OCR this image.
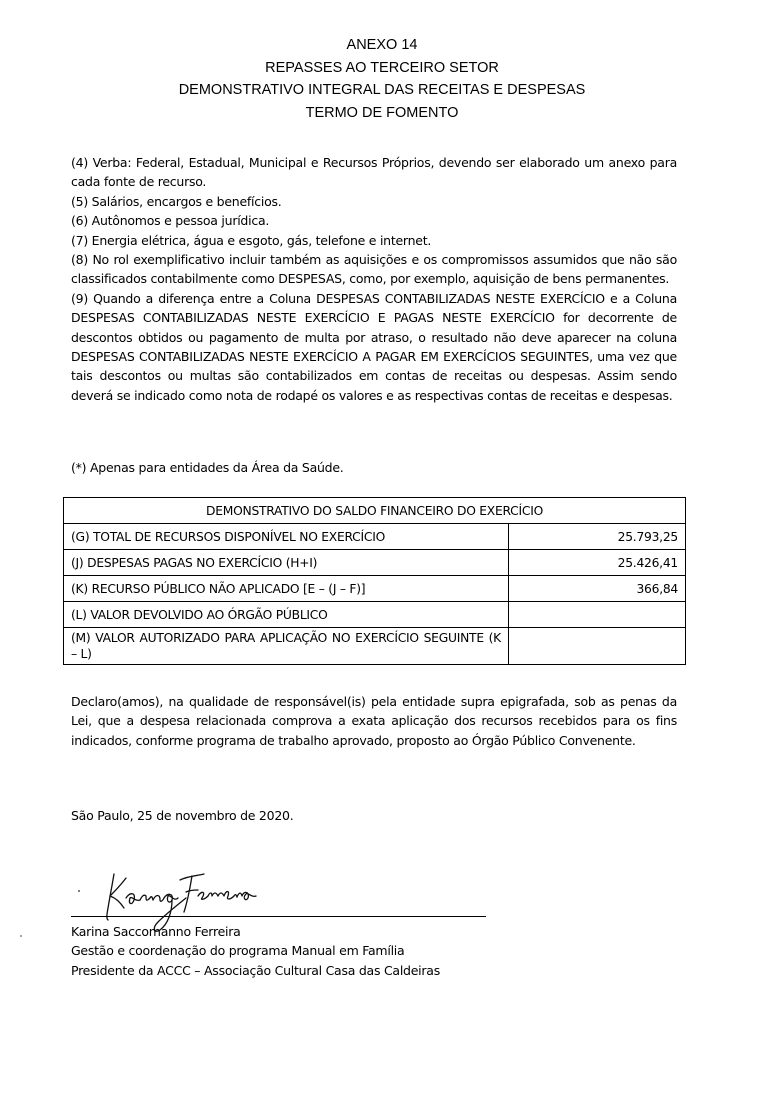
ANEXO 14
REPASSES AO TERCEIRO SETOR
DEMONSTRATIVO INTEGRAL DAS RECEITAS E DESPESAS
TERMO DE FOMENTO

(4) Verba: Federal, Estadual, Municipal e Recursos Próprios, devendo ser elaborado um anexo para cada fonte de recurso.

(5) Salários, encargos e benefícios.

(6) Autônomos e pessoa jurídica.

(7) Energia elétrica, água e esgoto, gás, telefone e internet.

(8) No rol exemplificativo incluir também as aquisições e os compromissos assumidos que não são classificados contabilmente como DESPESAS, como, por exemplo, aquisição de bens permanentes.

(9) Quando a diferença entre a Coluna DESPESAS CONTABILIZADAS NESTE EXERCÍCIO e a Coluna DESPESAS CONTABILIZADAS NESTE EXERCÍCIO E PAGAS NESTE EXERCÍCIO for decorrente de descontos obtidos ou pagamento de multa por atraso, o resultado não deve aparecer na coluna DESPESAS CONTABILIZADAS NESTE EXERCÍCIO A PAGAR EM EXERCÍCIOS SEGUINTES, uma vez que tais descontos ou multas são contabilizados em contas de receitas ou despesas. Assim sendo deverá se indicado como nota de rodapé os valores e as respectivas contas de receitas e despesas.

(*) Apenas para entidades da Área da Saúde.
DEMONSTRATIVO DO SALDO FINANCEIRO DO EXERCÍCIO	
(G) TOTAL DE RECURSOS DISPONÍVEL NO EXERCÍCIO	25.793,25
(J) DESPESAS PAGAS NO EXERCÍCIO (H+I)	25.426,41
(K) RECURSO PÚBLICO NÃO APLICADO [E – (J – F)]	366,84
(L) VALOR DEVOLVIDO AO ÓRGÃO PÚBLICO	
(M) VALOR AUTORIZADO PARA APLICAÇÃO NO EXERCÍCIO SEGUINTE (K – L)	

Declaro(amos), na qualidade de responsável(is) pela entidade supra epigrafada, sob as penas da Lei, que a despesa relacionada comprova a exata aplicação dos recursos recebidos para os fins indicados, conforme programa de trabalho aprovado, proposto ao Órgão Público Convenente.

São Paulo, 25 de novembro de 2020.
Karina Saccomanno Ferreira
Gestão e coordenação do programa Manual em Família
Presidente da ACCC – Associação Cultural Casa das Caldeiras
